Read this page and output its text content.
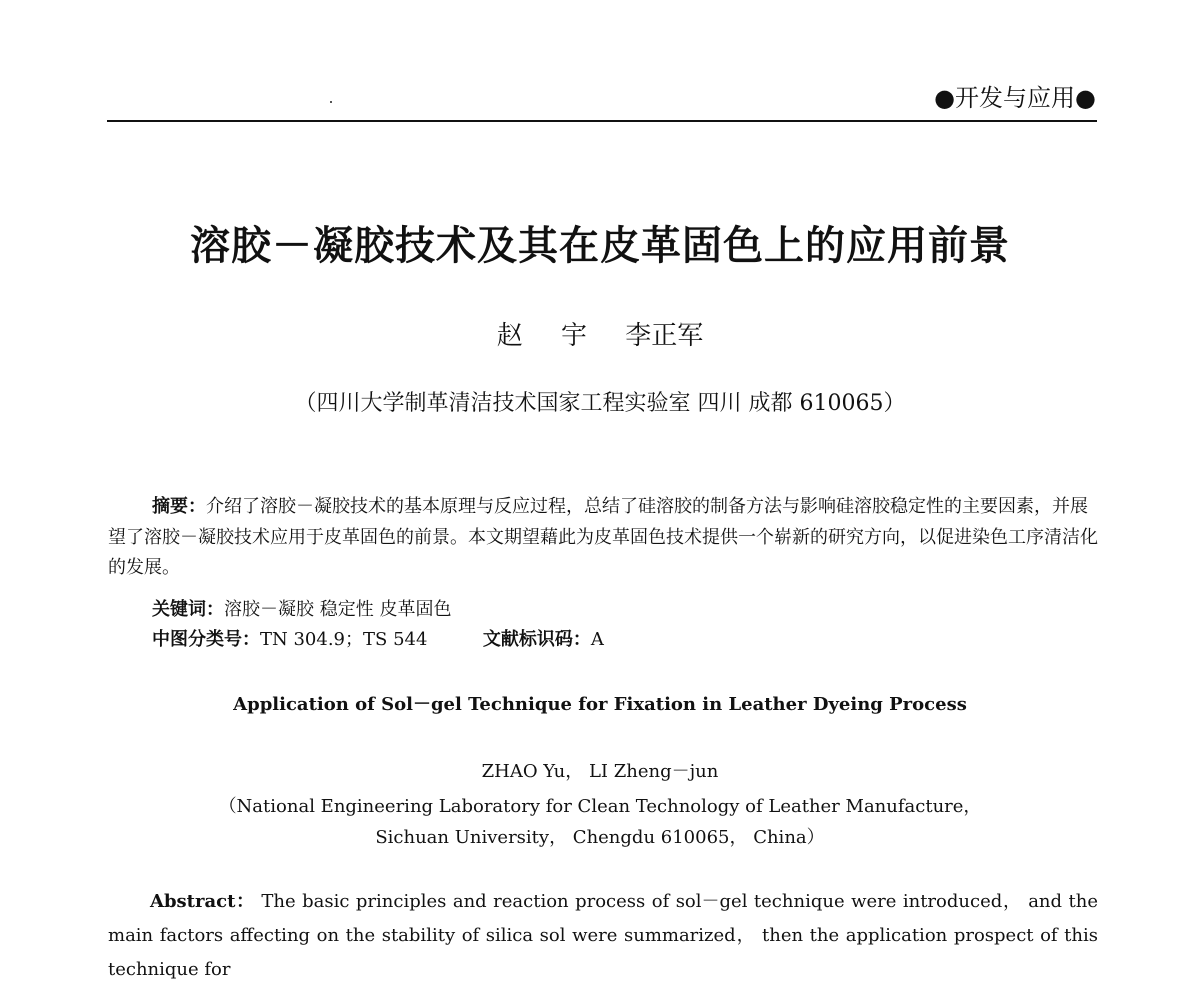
●开发与应用●
溶胶－凝胶技术及其在皮革固色上的应用前景
赵 宇 李正军
（四川大学制革清洁技术国家工程实验室 四川 成都 610065）
摘要：介绍了溶胶－凝胶技术的基本原理与反应过程，总结了硅溶胶的制备方法与影响硅溶胶稳定性的主要因素，并展望了溶胶－凝胶技术应用于皮革固色的前景。本文期望藉此为皮革固色技术提供一个崭新的研究方向，以促进染色工序清洁化的发展。
关键词：溶胶－凝胶 稳定性 皮革固色
中图分类号：TN 304.9；TS 544	文献标识码：A
Application of Sol－gel Technique for Fixation in Leather Dyeing Process
ZHAO Yu， LI Zheng－jun
（National Engineering Laboratory for Clean Technology of Leather Manufacture，
Sichuan University， Chengdu 610065， China）
Abstract： The basic principles and reaction process of sol－gel technique were introduced， and the main factors affecting on the stability of silica sol were summarized， then the application prospect of this technique for
